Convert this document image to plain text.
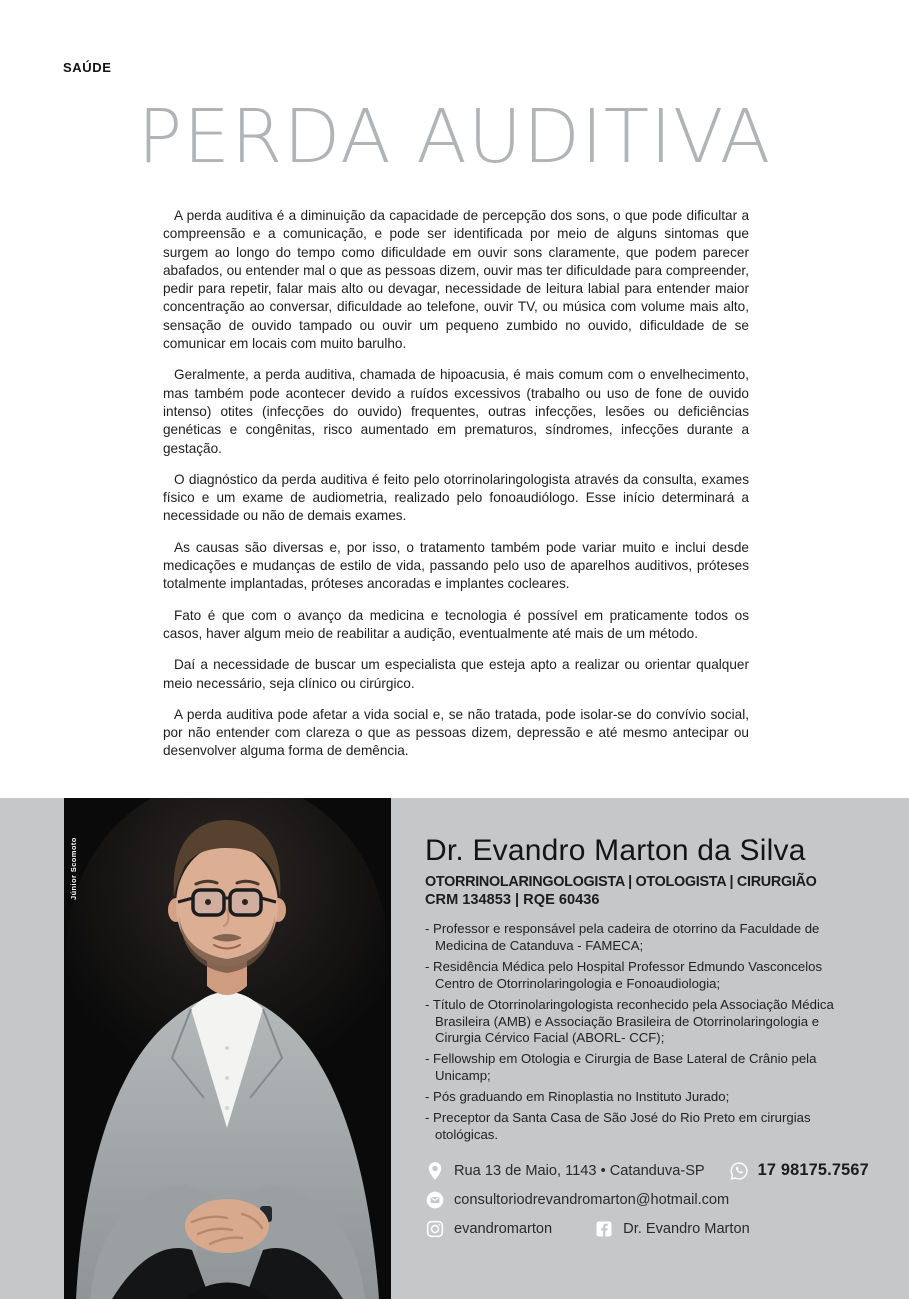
SAÚDE
PERDA AUDITIVA

A perda auditiva é a diminuição da capacidade de percepção dos sons, o que pode dificultar a compreensão e a comunicação, e pode ser identificada por meio de alguns sintomas que surgem ao longo do tempo como dificuldade em ouvir sons claramente, que podem parecer abafados, ou entender mal o que as pessoas dizem, ouvir mas ter dificuldade para compreender, pedir para repetir, falar mais alto ou devagar, necessidade de leitura labial para entender maior concentração ao conversar, dificuldade ao telefone, ouvir TV, ou música com volume mais alto, sensação de ouvido tampado ou ouvir um pequeno zumbido no ouvido, dificuldade de se comunicar em locais com muito barulho.

Geralmente, a perda auditiva, chamada de hipoacusia, é mais comum com o envelhecimento, mas também pode acontecer devido a ruídos excessivos (trabalho ou uso de fone de ouvido intenso) otites (infecções do ouvido) frequentes, outras infecções, lesões ou deficiências genéticas e congênitas, risco aumentado em prematuros, síndromes, infecções durante a gestação.

O diagnóstico da perda auditiva é feito pelo otorrinolaringologista através da consulta, exames físico e um exame de audiometria, realizado pelo fonoaudiólogo. Esse início determinará a necessidade ou não de demais exames.

As causas são diversas e, por isso, o tratamento também pode variar muito e inclui desde medicações e mudanças de estilo de vida, passando pelo uso de aparelhos auditivos, próteses totalmente implantadas, próteses ancoradas e implantes cocleares.

Fato é que com o avanço da medicina e tecnologia é possível em praticamente todos os casos, haver algum meio de reabilitar a audição, eventualmente até mais de um método.

Daí a necessidade de buscar um especialista que esteja apto a realizar ou orientar qualquer meio necessário, seja clínico ou cirúrgico.

A perda auditiva pode afetar a vida social e, se não tratada, pode isolar-se do convívio social, por não entender com clareza o que as pessoas dizem, depressão e até mesmo antecipar ou desenvolver alguma forma de demência.

Júnior Scomoto	Dr. Evandro Marton da Silva
OTORRINOLARINGOLOGISTA | OTOLOGISTA | CIRURGIÃO
CRM 134853 | RQE 60436
- Professor e responsável pela cadeira de otorrino da Faculdade de Medicina de Catanduva - FAMECA;
- Residência Médica pelo Hospital Professor Edmundo Vasconcelos Centro de Otorrinolaringologia e Fonoaudiologia;
- Título de Otorrinolaringologista reconhecido pela Associação Médica Brasileira (AMB) e Associação Brasileira de Otorrinolaringologia e Cirurgia Cérvico Facial (ABORL- CCF);
- Fellowship em Otologia e Cirurgia de Base Lateral de Crânio pela Unicamp;
- Pós graduando em Rinoplastia no Instituto Jurado;
- Preceptor da Santa Casa de São José do Rio Preto em cirurgias otológicas.
Rua 13 de Maio, 1143 • Catanduva-SP	17 98175.7567
consultoriodrevandromarton@hotmail.com
evandromarton	Dr. Evandro Marton
